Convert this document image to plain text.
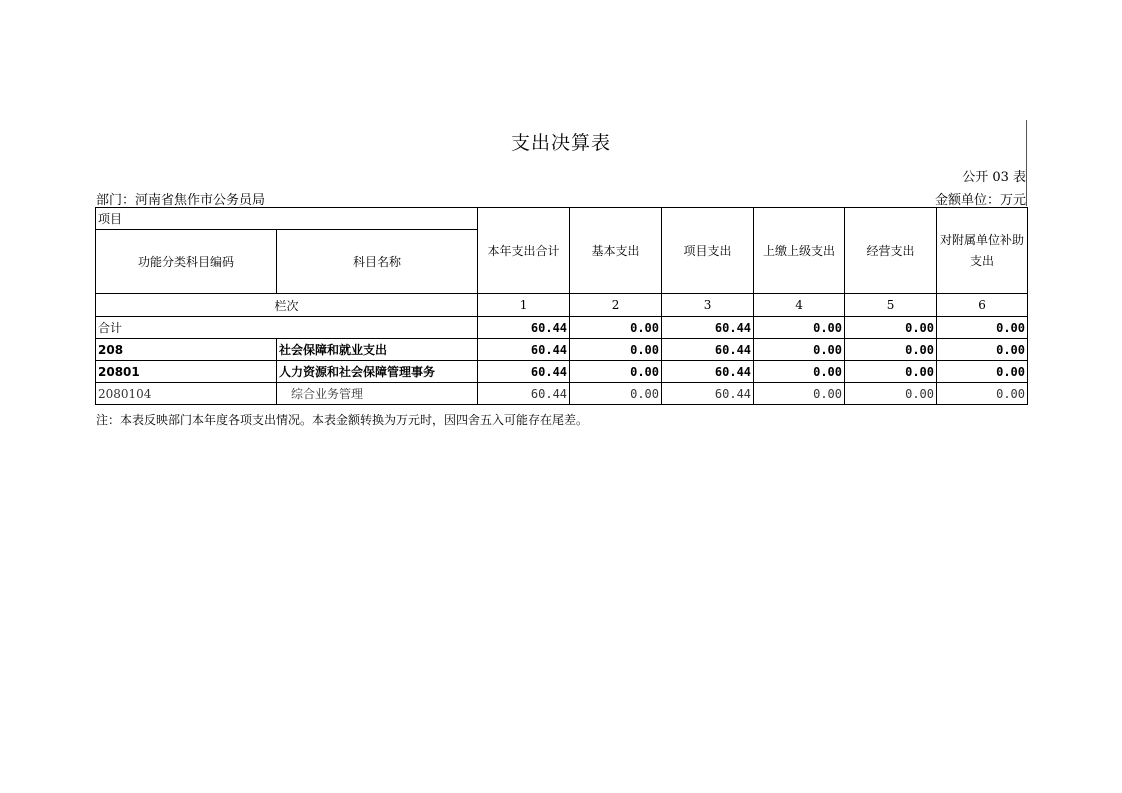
支出决算表
公开 03 表
部门：河南省焦作市公务员局	金额单位：万元
项目		本年支出合计	基本支出	项目支出	上缴上级支出	经营支出	对附属单位补助支出
功能分类科目编码	科目名称						
栏次		1	2	3	4	5	6
合计		60.44	0.00	60.44	0.00	0.00	0.00
208	社会保障和就业支出	60.44	0.00	60.44	0.00	0.00	0.00
20801	人力资源和社会保障管理事务	60.44	0.00	60.44	0.00	0.00	0.00
2080104	综合业务管理	60.44	0.00	60.44	0.00	0.00	0.00
注：本表反映部门本年度各项支出情况。本表金额转换为万元时，因四舍五入可能存在尾差。
